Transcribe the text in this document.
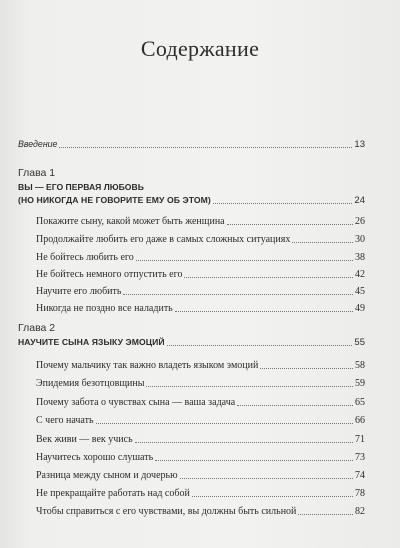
Содержание
Введение	13
Глава 1
ВЫ — ЕГО ПЕРВАЯ ЛЮБОВЬ
(НО НИКОГДА НЕ ГОВОРИТЕ ЕМУ ОБ ЭТОМ)	24
Покажите сыну, какой может быть женщина	26
Продолжайте любить его даже в самых сложных ситуациях	30
Не бойтесь любить его	38
Не бойтесь немного отпустить его	42
Научите его любить	45
Никогда не поздно все наладить	49
Глава 2
НАУЧИТЕ СЫНА ЯЗЫКУ ЭМОЦИЙ	55
Почему мальчику так важно владеть языком эмоций	58
Эпидемия безотцовщины	59
Почему забота о чувствах сына — ваша задача	65
С чего начать	66
Век живи — век учись	71
Научитесь хорошо слушать	73
Разница между сыном и дочерью	74
Не прекращайте работать над собой	78
Чтобы справиться с его чувствами, вы должны быть сильной	82
